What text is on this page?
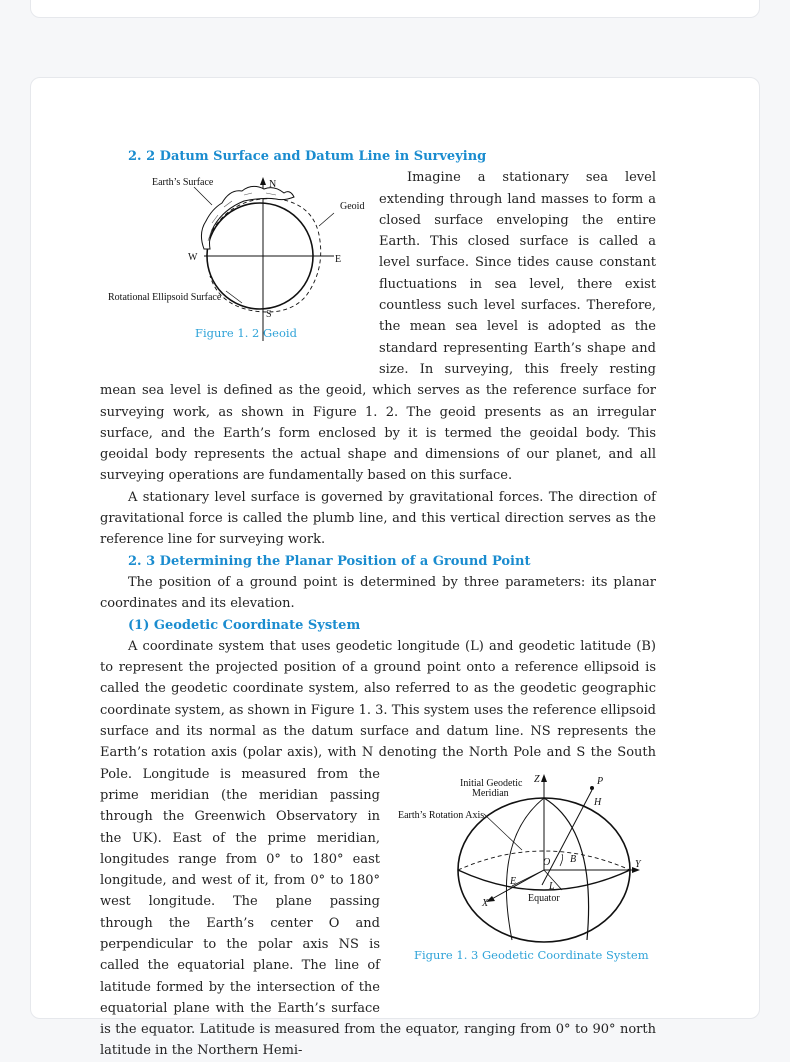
2. 2 Datum Surface and Datum Line in Surveying
Earth’s Surface	N
Geoid
W	E
Rotational Ellipsoid Surface
S
Figure 1. 2 Geoid

Imagine a stationary sea level extending through land masses to form a closed surface enveloping the entire Earth. This closed surface is called a level surface. Since tides cause constant fluctuations in sea level, there exist countless such level surfaces. Therefore, the mean sea level is adopted as the standard representing Earth’s shape and size. In surveying, this freely resting mean sea level is defined as the geoid, which serves as the reference surface for surveying work, as shown in Figure 1. 2. The geoid presents as an irregular surface, and the Earth’s form enclosed by it is termed the geoidal body. This geoidal body represents the actual shape and dimensions of our planet, and all surveying operations are fundamentally based on this surface.

A stationary level surface is governed by gravitational forces. The direction of gravitational force is called the plumb line, and this vertical direction serves as the reference line for surveying work.

2. 3 Determining the Planar Position of a Ground Point

The position of a ground point is determined by three parameters: its planar coordinates and its elevation.

(1) Geodetic Coordinate System

A coordinate system that uses geodetic longitude (L) and geodetic latitude (B) to represent the projected position of a ground point onto a reference ellipsoid is called the geodetic coordinate system, also referred to as the geodetic geographic coordinate system, as shown in Figure 1. 3. This system uses the reference ellipsoid surface and its normal as the datum surface and datum line. NS represents the Earth’s rotation axis (polar axis), with N denoting the North Pole and S the South Pole. Longitude is measured from the prime meridian (the meridian passing through the Greenwich Observatory in the UK). East of the prime meridian, longitudes range from 0° to 180° east longitude, and west of it, from 0° to 180° west longitude. The plane passing through the Earth’s center O and perpendicular to the polar axis NS is called the equatorial plane. The line of latitude formed by the intersection of the equatorial plane with the Earth’s surface is the equator. Latitude is measured from the equator, ranging from 0° to 90° north latitude in the Northern Hemi-

Initial Geodetic
Meridian
Earth’s Rotation Axis
Z	P
H
O B	Y
E	L
X	Equator
Figure 1. 3 Geodetic Coordinate System
